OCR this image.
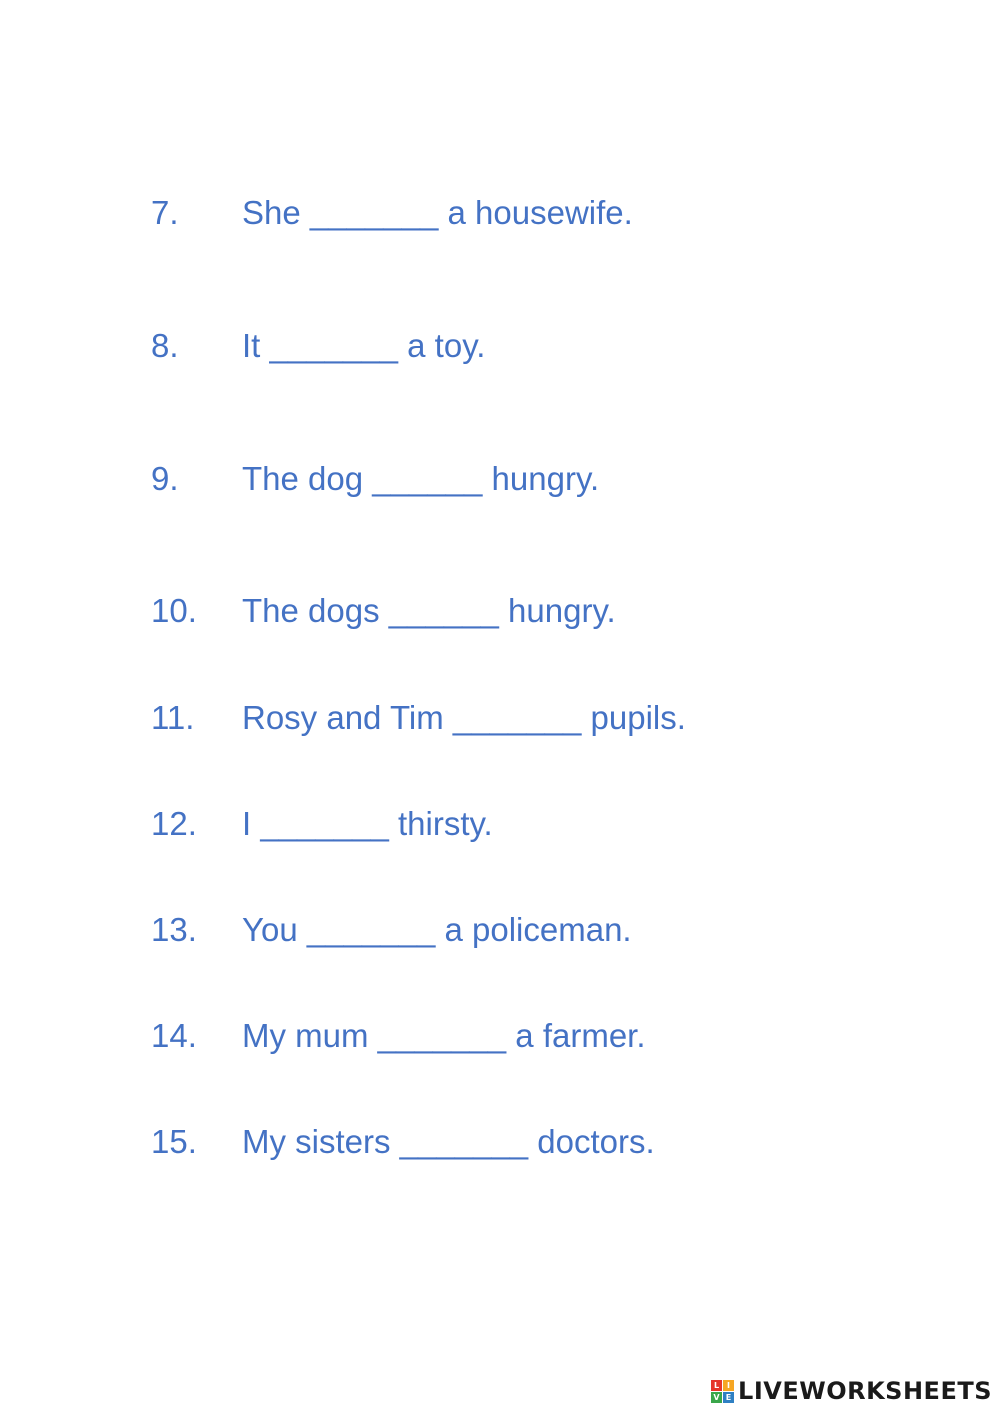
7.	She _______ a housewife.
8.	It _______ a toy.
9.	The dog ______ hungry.
10.	The dogs ______ hungry.
11.	Rosy and Tim _______ pupils.
12.	I _______ thirsty.
13.	You _______ a policeman.
14.	My mum _______ a farmer.
15.	My sisters _______ doctors.
L I
V E LIVEWORKSHEETS
